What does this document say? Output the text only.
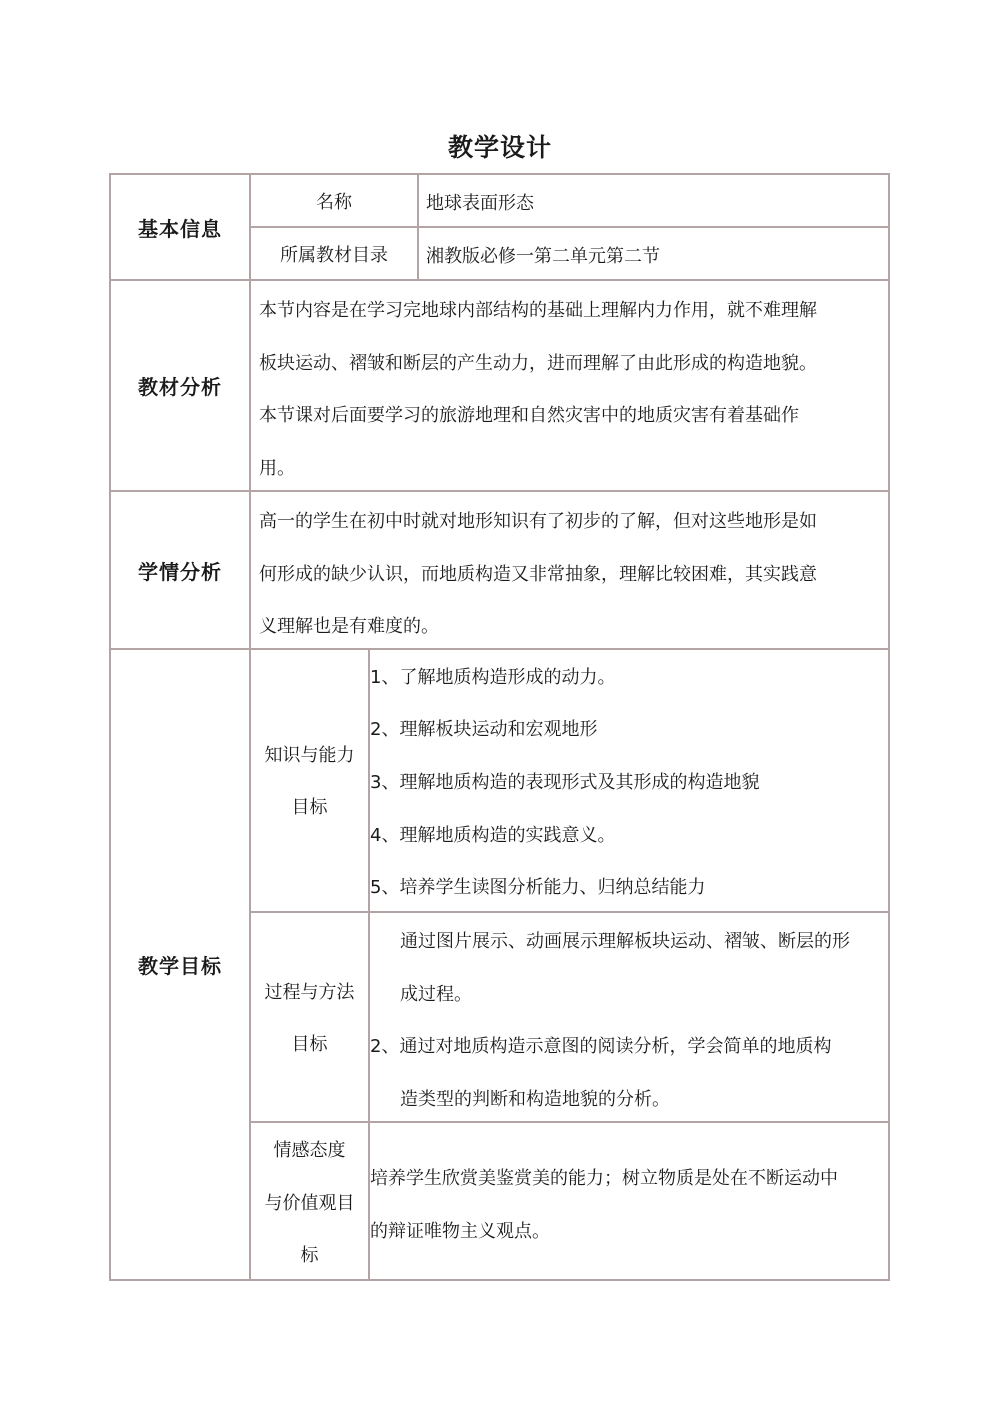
教学设计
基本信息
名称	地球表面形态
所属教材目录	湘教版必修一第二单元第二节
教材分析
本节内容是在学习完地球内部结构的基础上理解内力作用，就不难理解
板块运动、褶皱和断层的产生动力，进而理解了由此形成的构造地貌。
本节课对后面要学习的旅游地理和自然灾害中的地质灾害有着基础作
用。
学情分析
高一的学生在初中时就对地形知识有了初步的了解，但对这些地形是如
何形成的缺少认识，而地质构造又非常抽象，理解比较困难，其实践意
义理解也是有难度的。
教学目标
知识与能力
目标
1、了解地质构造形成的动力。
2、理解板块运动和宏观地形
3、理解地质构造的表现形式及其形成的构造地貌
4、理解地质构造的实践意义。
5、培养学生读图分析能力、归纳总结能力
过程与方法
目标
通过图片展示、动画展示理解板块运动、褶皱、断层的形
成过程。
2、通过对地质构造示意图的阅读分析，学会简单的地质构
造类型的判断和构造地貌的分析。
情感态度
与价值观目
标
培养学生欣赏美鉴赏美的能力；树立物质是处在不断运动中
的辩证唯物主义观点。
